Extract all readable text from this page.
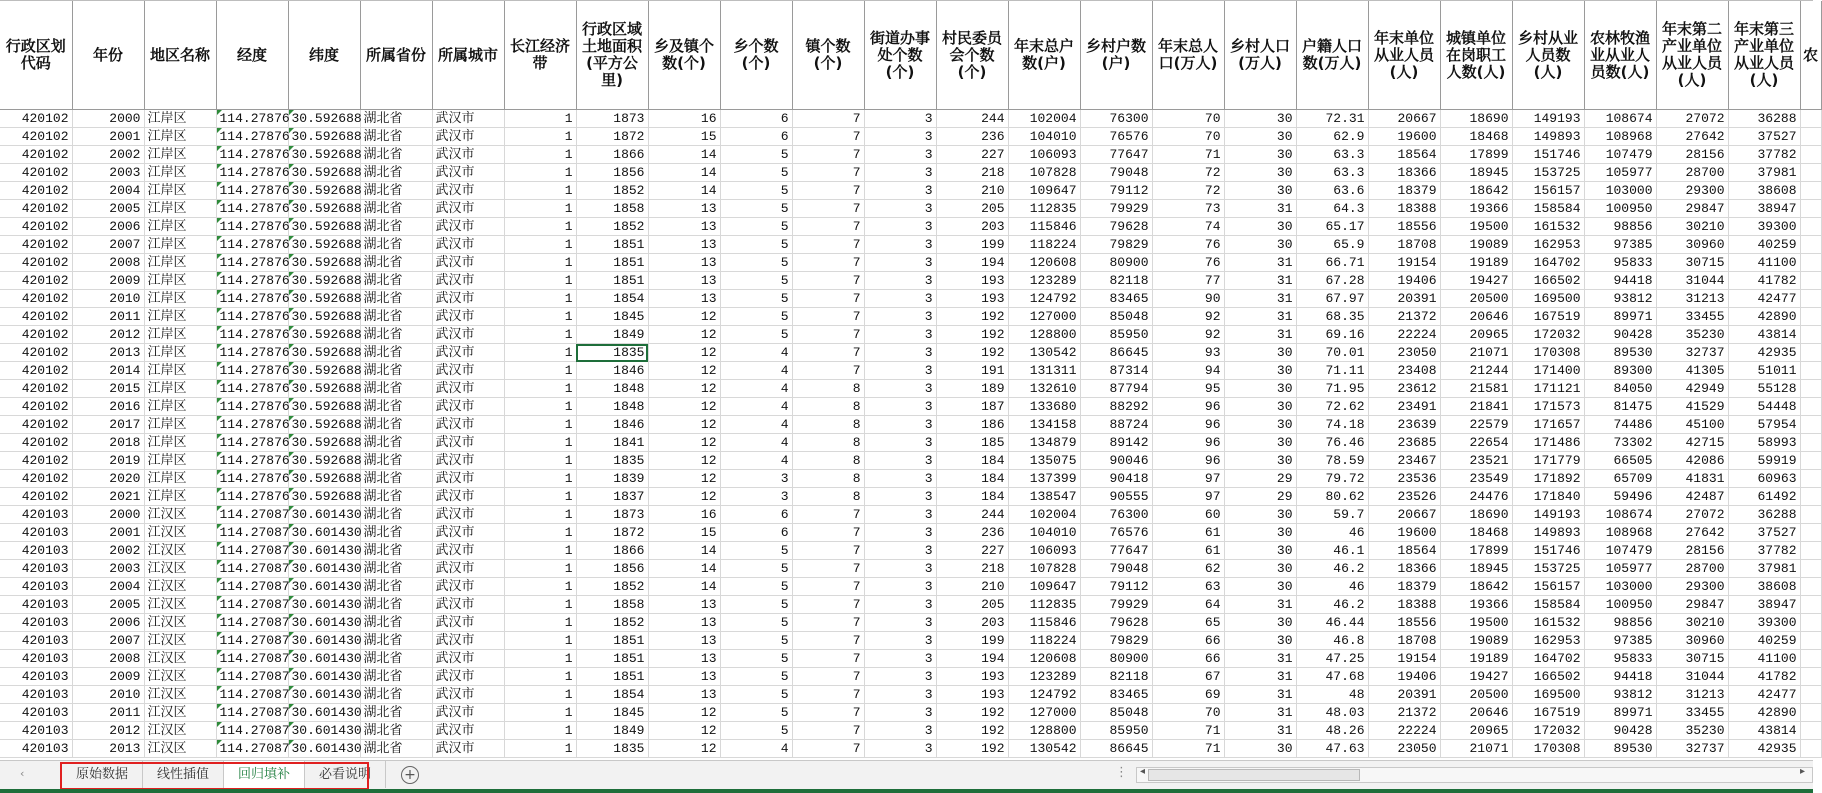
行政区划代码	年份	地区名称	经度	纬度	所属省份	所属城市	长江经济带	行政区域土地面积(平方公里)	乡及镇个数(个)	乡个数(个)	镇个数(个)	街道办事处个数(个)	村民委员会个数(个)	年末总户数(户)	乡村户数(户)	年末总人口(万人)	乡村人口(万人)	户籍人口数(万人)	年末单位从业人员(人)	城镇单位在岗职工人数(人)	乡村从业人员数(人)	农林牧渔业从业人员数(人)	年末第二产业单位从业人员(人)	年末第三产业单位从业人员(人)	农
420102	2000	江岸区	114.27876	30.592688	湖北省	武汉市	1	1873	16	6	7	3	244	102004	76300	70	30	72.31	20667	18690	149193	108674	27072	36288	
420102	2001	江岸区	114.27876	30.592688	湖北省	武汉市	1	1872	15	6	7	3	236	104010	76576	70	30	62.9	19600	18468	149893	108968	27642	37527	
420102	2002	江岸区	114.27876	30.592688	湖北省	武汉市	1	1866	14	5	7	3	227	106093	77647	71	30	63.3	18564	17899	151746	107479	28156	37782	
420102	2003	江岸区	114.27876	30.592688	湖北省	武汉市	1	1856	14	5	7	3	218	107828	79048	72	30	63.3	18366	18945	153725	105977	28700	37981	
420102	2004	江岸区	114.27876	30.592688	湖北省	武汉市	1	1852	14	5	7	3	210	109647	79112	72	30	63.6	18379	18642	156157	103000	29300	38608	
420102	2005	江岸区	114.27876	30.592688	湖北省	武汉市	1	1858	13	5	7	3	205	112835	79929	73	31	64.3	18388	19366	158584	100950	29847	38947	
420102	2006	江岸区	114.27876	30.592688	湖北省	武汉市	1	1852	13	5	7	3	203	115846	79628	74	30	65.17	18556	19500	161532	98856	30210	39300	
420102	2007	江岸区	114.27876	30.592688	湖北省	武汉市	1	1851	13	5	7	3	199	118224	79829	76	30	65.9	18708	19089	162953	97385	30960	40259	
420102	2008	江岸区	114.27876	30.592688	湖北省	武汉市	1	1851	13	5	7	3	194	120608	80900	76	31	66.71	19154	19189	164702	95833	30715	41100	
420102	2009	江岸区	114.27876	30.592688	湖北省	武汉市	1	1851	13	5	7	3	193	123289	82118	77	31	67.28	19406	19427	166502	94418	31044	41782	
420102	2010	江岸区	114.27876	30.592688	湖北省	武汉市	1	1854	13	5	7	3	193	124792	83465	90	31	67.97	20391	20500	169500	93812	31213	42477	
420102	2011	江岸区	114.27876	30.592688	湖北省	武汉市	1	1845	12	5	7	3	192	127000	85048	92	31	68.35	21372	20646	167519	89971	33455	42890	
420102	2012	江岸区	114.27876	30.592688	湖北省	武汉市	1	1849	12	5	7	3	192	128800	85950	92	31	69.16	22224	20965	172032	90428	35230	43814	
420102	2013	江岸区	114.27876	30.592688	湖北省	武汉市	1	1835	12	4	7	3	192	130542	86645	93	30	70.01	23050	21071	170308	89530	32737	42935	
420102	2014	江岸区	114.27876	30.592688	湖北省	武汉市	1	1846	12	4	7	3	191	131311	87314	94	30	71.11	23408	21244	171400	89300	41305	51011	
420102	2015	江岸区	114.27876	30.592688	湖北省	武汉市	1	1848	12	4	8	3	189	132610	87794	95	30	71.95	23612	21581	171121	84050	42949	55128	
420102	2016	江岸区	114.27876	30.592688	湖北省	武汉市	1	1848	12	4	8	3	187	133680	88292	96	30	72.62	23491	21841	171573	81475	41529	54448	
420102	2017	江岸区	114.27876	30.592688	湖北省	武汉市	1	1846	12	4	8	3	186	134158	88724	96	30	74.18	23639	22579	171657	74486	45100	57954	
420102	2018	江岸区	114.27876	30.592688	湖北省	武汉市	1	1841	12	4	8	3	185	134879	89142	96	30	76.46	23685	22654	171486	73302	42715	58993	
420102	2019	江岸区	114.27876	30.592688	湖北省	武汉市	1	1835	12	4	8	3	184	135075	90046	96	30	78.59	23467	23521	171779	66505	42086	59919	
420102	2020	江岸区	114.27876	30.592688	湖北省	武汉市	1	1839	12	3	8	3	184	137399	90418	97	29	79.72	23536	23549	171892	65709	41831	60963	
420102	2021	江岸区	114.27876	30.592688	湖北省	武汉市	1	1837	12	3	8	3	184	138547	90555	97	29	80.62	23526	24476	171840	59496	42487	61492	
420103	2000	江汉区	114.27087	30.601430	湖北省	武汉市	1	1873	16	6	7	3	244	102004	76300	60	30	59.7	20667	18690	149193	108674	27072	36288	
420103	2001	江汉区	114.27087	30.601430	湖北省	武汉市	1	1872	15	6	7	3	236	104010	76576	61	30	46	19600	18468	149893	108968	27642	37527	
420103	2002	江汉区	114.27087	30.601430	湖北省	武汉市	1	1866	14	5	7	3	227	106093	77647	61	30	46.1	18564	17899	151746	107479	28156	37782	
420103	2003	江汉区	114.27087	30.601430	湖北省	武汉市	1	1856	14	5	7	3	218	107828	79048	62	30	46.2	18366	18945	153725	105977	28700	37981	
420103	2004	江汉区	114.27087	30.601430	湖北省	武汉市	1	1852	14	5	7	3	210	109647	79112	63	30	46	18379	18642	156157	103000	29300	38608	
420103	2005	江汉区	114.27087	30.601430	湖北省	武汉市	1	1858	13	5	7	3	205	112835	79929	64	31	46.2	18388	19366	158584	100950	29847	38947	
420103	2006	江汉区	114.27087	30.601430	湖北省	武汉市	1	1852	13	5	7	3	203	115846	79628	65	30	46.44	18556	19500	161532	98856	30210	39300	
420103	2007	江汉区	114.27087	30.601430	湖北省	武汉市	1	1851	13	5	7	3	199	118224	79829	66	30	46.8	18708	19089	162953	97385	30960	40259	
420103	2008	江汉区	114.27087	30.601430	湖北省	武汉市	1	1851	13	5	7	3	194	120608	80900	66	31	47.25	19154	19189	164702	95833	30715	41100	
420103	2009	江汉区	114.27087	30.601430	湖北省	武汉市	1	1851	13	5	7	3	193	123289	82118	67	31	47.68	19406	19427	166502	94418	31044	41782	
420103	2010	江汉区	114.27087	30.601430	湖北省	武汉市	1	1854	13	5	7	3	193	124792	83465	69	31	48	20391	20500	169500	93812	31213	42477	
420103	2011	江汉区	114.27087	30.601430	湖北省	武汉市	1	1845	12	5	7	3	192	127000	85048	70	31	48.03	21372	20646	167519	89971	33455	42890	
420103	2012	江汉区	114.27087	30.601430	湖北省	武汉市	1	1849	12	5	7	3	192	128800	85950	71	31	48.26	22224	20965	172032	90428	35230	43814	
420103	2013	江汉区	114.27087	30.601430	湖北省	武汉市	1	1835	12	4	7	3	192	130542	86645	71	30	47.63	23050	21071	170308	89530	32737	42935	
‹	原始数据	线性插值	回归填补	必看说明	+	⋮ ◂	▸
